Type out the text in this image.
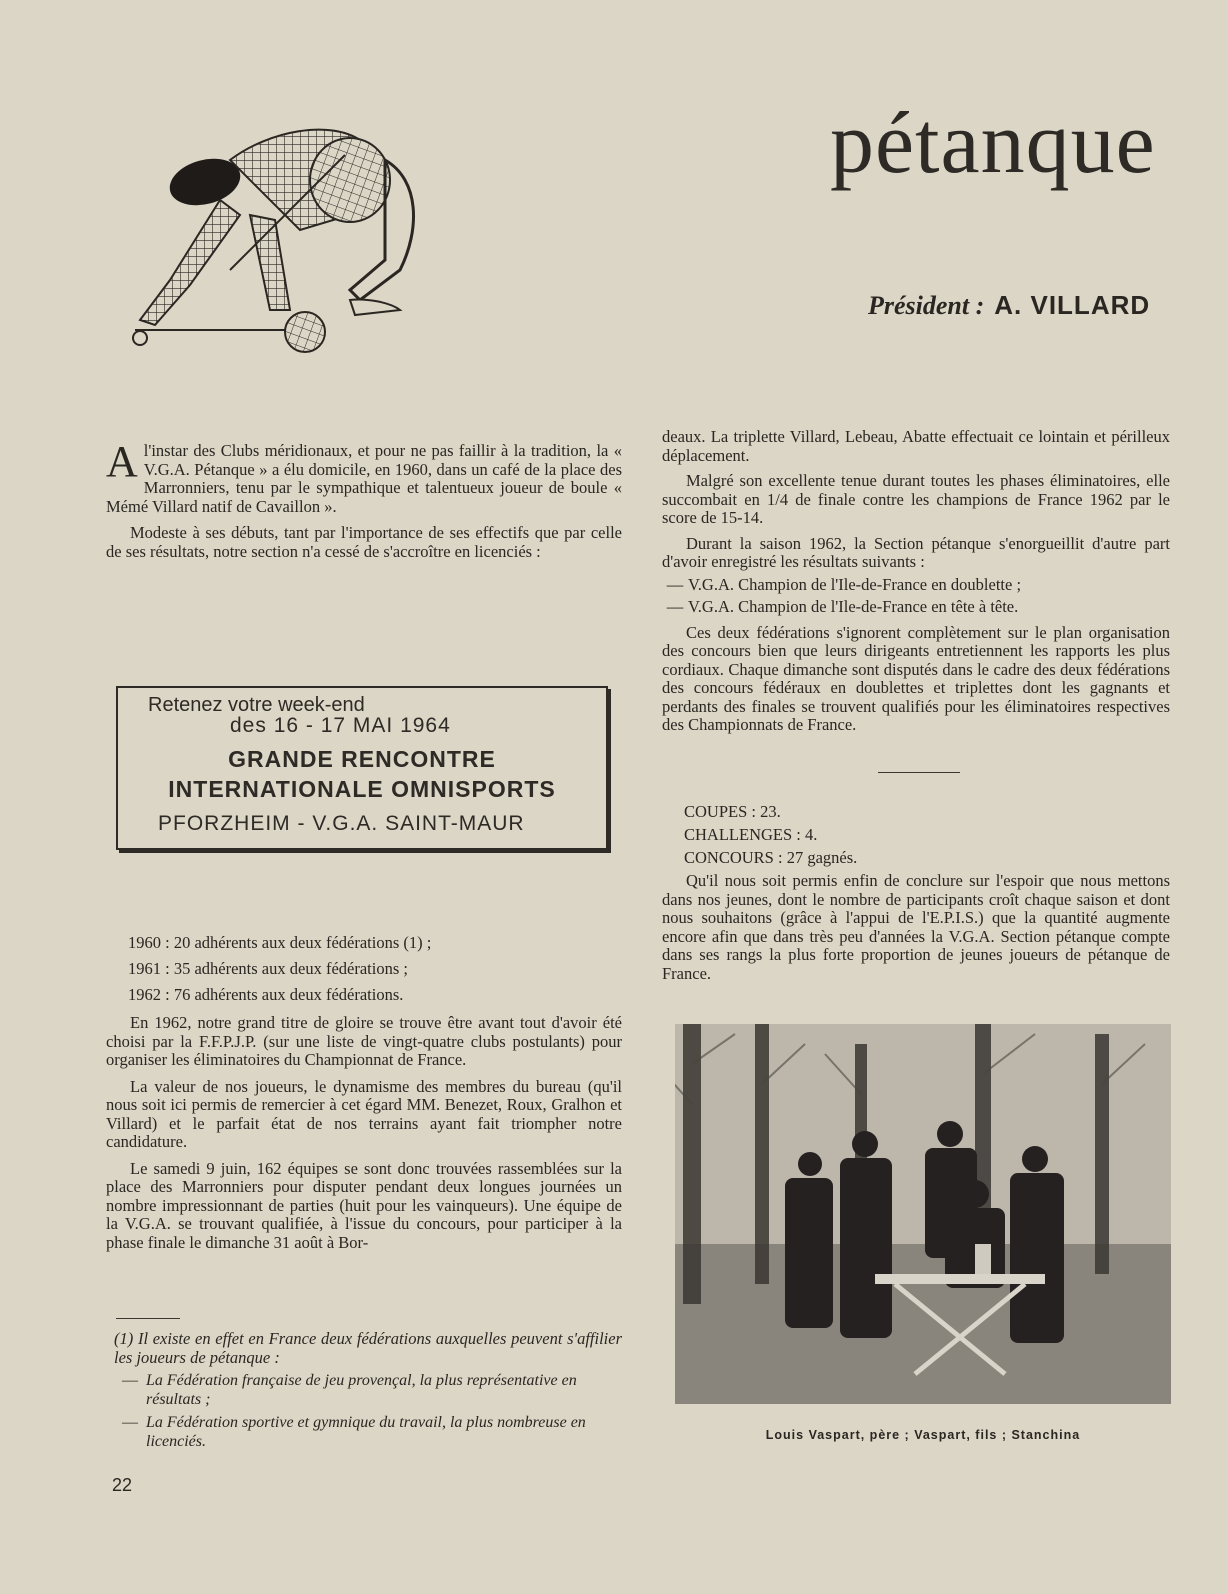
pétanque
Président : A. VILLARD

Al'instar des Clubs méridionaux, et pour ne pas faillir à la tradition, la « V.G.A. Pétanque » a élu domicile, en 1960, dans un café de la place des Marronniers, tenu par le sympathique et talentueux joueur de boule « Mémé Villard natif de Cavaillon ».

Modeste à ses débuts, tant par l'importance de ses effectifs que par celle de ses résultats, notre section n'a cessé de s'accroître en licenciés :

Retenez votre week-end
des 16 - 17 MAI 1964
GRANDE RENCONTRE
INTERNATIONALE OMNISPORTS
PFORZHEIM - V.G.A. SAINT-MAUR
1960 : 20 adhérents aux deux fédérations (1) ;
1961 : 35 adhérents aux deux fédérations ;
1962 : 76 adhérents aux deux fédérations.

En 1962, notre grand titre de gloire se trouve être avant tout d'avoir été choisi par la F.F.P.J.P. (sur une liste de vingt-quatre clubs postulants) pour organiser les éliminatoires du Championnat de France.

La valeur de nos joueurs, le dynamisme des membres du bureau (qu'il nous soit ici permis de remercier à cet égard MM. Benezet, Roux, Gralhon et Villard) et le parfait état de nos terrains ayant fait triompher notre candidature.

Le samedi 9 juin, 162 équipes se sont donc trouvées rassemblées sur la place des Marronniers pour disputer pendant deux longues journées un nombre impressionnant de parties (huit pour les vainqueurs). Une équipe de la V.G.A. se trouvant qualifiée, à l'issue du concours, pour participer à la phase finale le dimanche 31 août à Bor-

(1) Il existe en effet en France deux fédérations auxquelles peuvent s'affilier les joueurs de pétanque :
— La Fédération française de jeu provençal, la plus représentative en résultats ;
— La Fédération sportive et gymnique du travail, la plus nombreuse en licenciés.
22

deaux. La triplette Villard, Lebeau, Abatte effectuait ce lointain et périlleux déplacement.

Malgré son excellente tenue durant toutes les phases éliminatoires, elle succombait en 1/4 de finale contre les champions de France 1962 par le score de 15-14.

Durant la saison 1962, la Section pétanque s'enorgueillit d'autre part d'avoir enregistré les résultats suivants :

— V.G.A. Champion de l'Ile-de-France en doublette ;
— V.G.A. Champion de l'Ile-de-France en tête à tête.

Ces deux fédérations s'ignorent complètement sur le plan organisation des concours bien que leurs dirigeants entretiennent les rapports les plus cordiaux. Chaque dimanche sont disputés dans le cadre des deux fédérations des concours fédéraux en doublettes et triplettes dont les gagnants et perdants des finales se trouvent qualifiés pour les éliminatoires respectives des Championnats de France.

COUPES : 23.
CHALLENGES : 4.
CONCOURS : 27 gagnés.

Qu'il nous soit permis enfin de conclure sur l'espoir que nous mettons dans nos jeunes, dont le nombre de participants croît chaque saison et dont nous souhaitons (grâce à l'appui de l'E.P.I.S.) que la quantité augmente encore afin que dans très peu d'années la V.G.A. Section pétanque compte dans ses rangs la plus forte proportion de jeunes joueurs de pétanque de France.

Louis Vaspart, père ; Vaspart, fils ; Stanchina
